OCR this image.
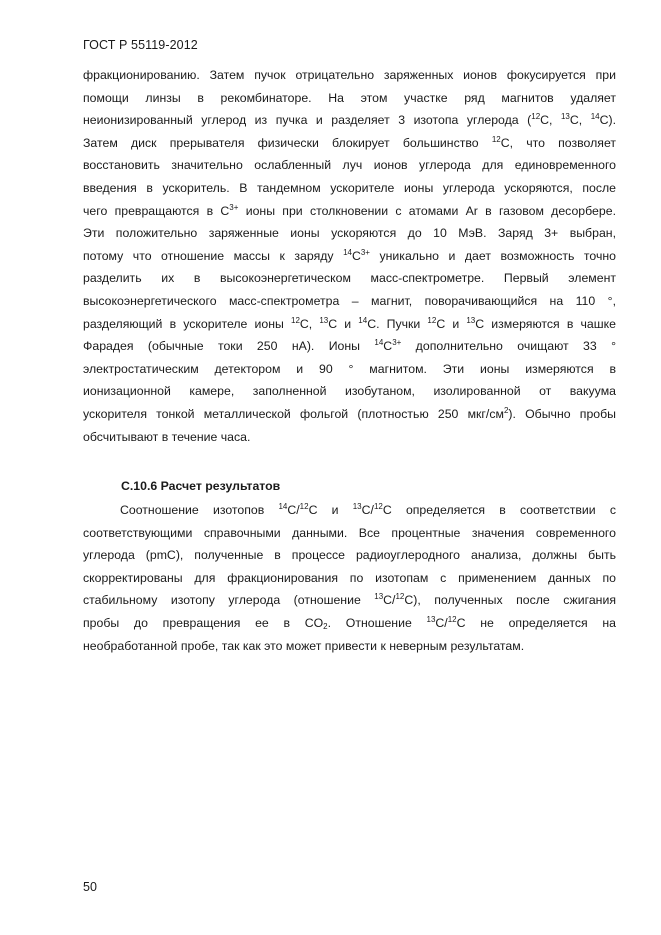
ГОСТ Р 55119-2012
фракционированию. Затем пучок отрицательно заряженных ионов фокусируется при
помощи линзы в рекомбинаторе. На этом участке ряд магнитов удаляет
неионизированный углерод из пучка и разделяет 3 изотопа углерода ($^{12}$C, $^{13}$C, $^{14}$C).
Затем диск прерывателя физически блокирует большинство $^{12}$C, что позволяет
восстановить значительно ослабленный луч ионов углерода для единовременного
введения в ускоритель. В тандемном ускорителе ионы углерода ускоряются, после
чего превращаются в $C^{3+}$ ионы при столкновении с атомами Ar в газовом десорбере.
Эти положительно заряженные ионы ускоряются до 10 МэВ. Заряд 3+ выбран,
потому что отношение массы к заряду $^{14}C^{3+}$ уникально и дает возможность точно
разделить их в высокоэнергетическом масс-спектрометре. Первый элемент
высокоэнергетического масс-спектрометра – магнит, поворачивающийся на 110 °,
разделяющий в ускорителе ионы $^{12}$C, $^{13}$C и $^{14}$C. Пучки $^{12}$C и $^{13}$C измеряются в чашке
Фарадея (обычные токи 250 нА). Ионы $^{14}C^{3+}$ дополнительно очищают 33 °
электростатическим детектором и 90 ° магнитом. Эти ионы измеряются в
ионизационной камере, заполненной изобутаном, изолированной от вакуума
ускорителя тонкой металлической фольгой (плотностью 250 мкг/$см^2$). Обычно пробы
обсчитывают в течение часа.
С.10.6 Расчет результатов
Соотношение изотопов $^{14}$C/$^{12}$C и $^{13}$C/$^{12}$C определяется в соответствии с
соответствующими справочными данными. Все процентные значения современного
углерода (pmC), полученные в процессе радиоуглеродного анализа, должны быть
скорректированы для фракционирования по изотопам с применением данных по
стабильному изотопу углерода (отношение $^{13}$C/$^{12}$C), полученных после сжигания
пробы до превращения ее в $CO_2$. Отношение $^{13}$C/$^{12}$C не определяется на
необработанной пробе, так как это может привести к неверным результатам.
50
